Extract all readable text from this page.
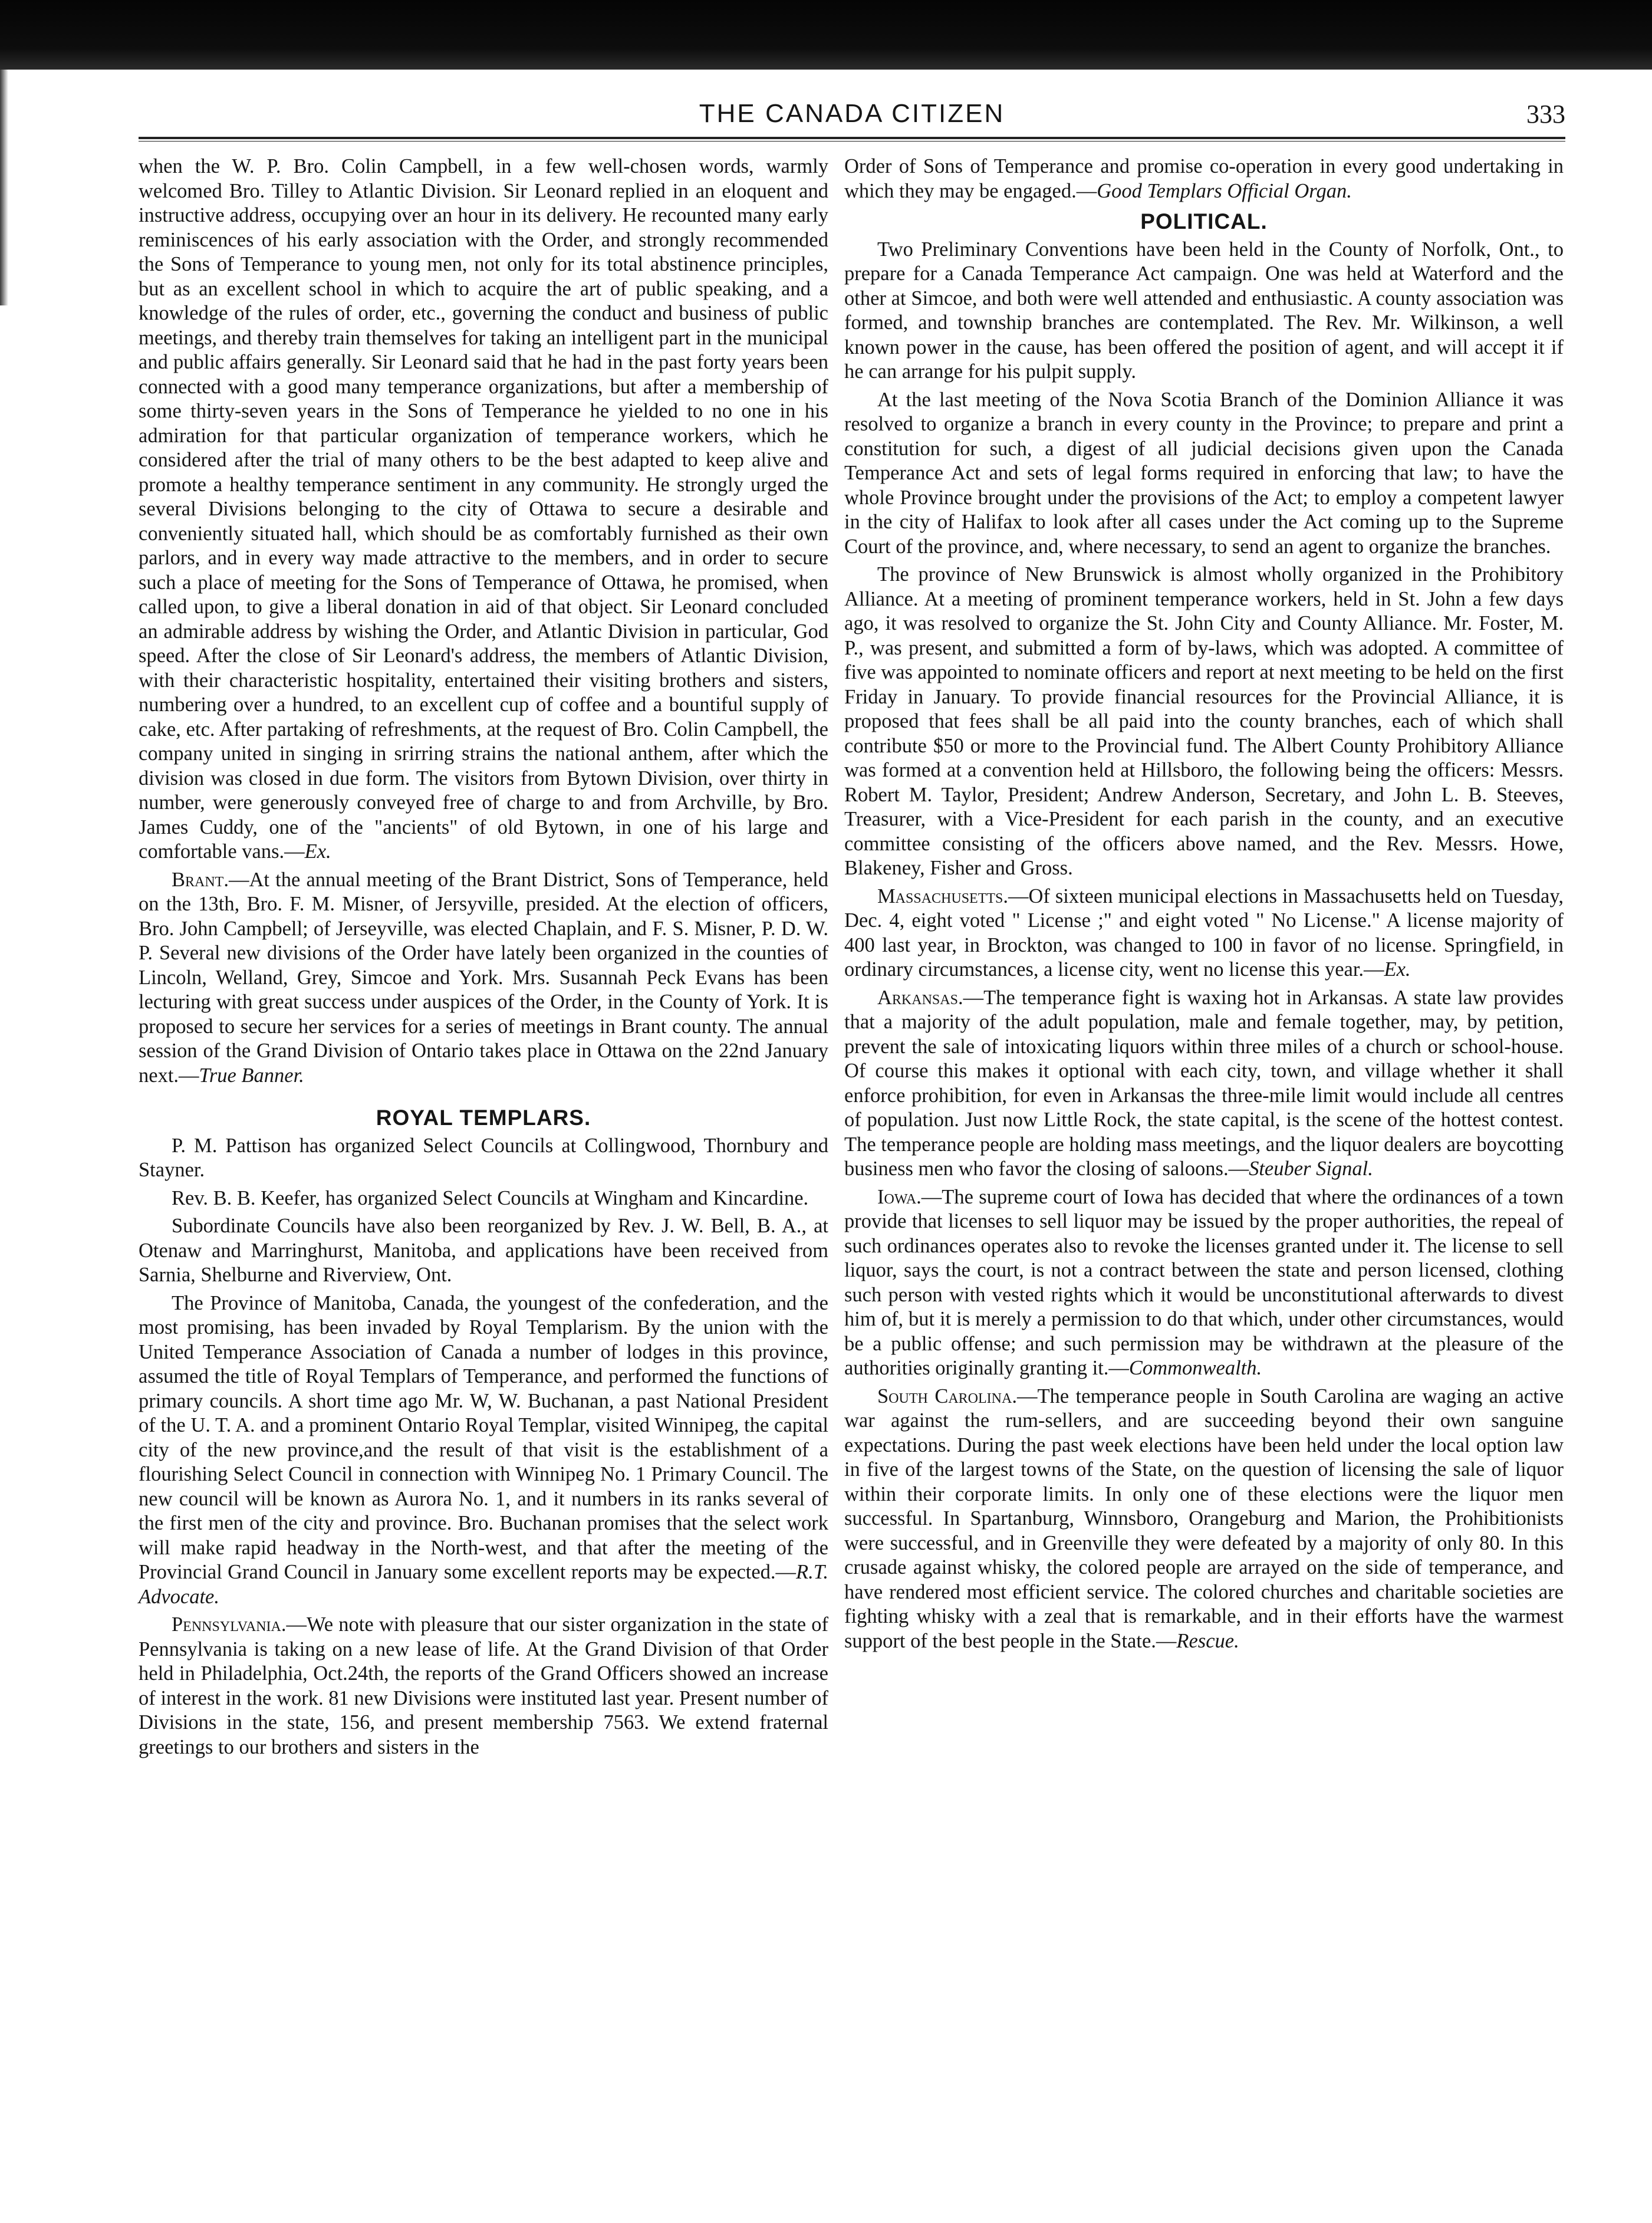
THE CANADA CITIZEN	333

when the W. P. Bro. Colin Campbell, in a few well-chosen words, warmly welcomed Bro. Tilley to Atlantic Division. Sir Leonard replied in an eloquent and instructive address, occupying over an hour in its delivery. He recounted many early reminiscences of his early association with the Order, and strongly recommended the Sons of Temperance to young men, not only for its total abstinence principles, but as an excellent school in which to acquire the art of public speaking, and a knowledge of the rules of order, etc., governing the conduct and business of public meetings, and thereby train themselves for taking an intelligent part in the municipal and public affairs generally. Sir Leonard said that he had in the past forty years been connected with a good many temperance organizations, but after a membership of some thirty-seven years in the Sons of Temperance he yielded to no one in his admiration for that particular organization of temperance workers, which he considered after the trial of many others to be the best adapted to keep alive and promote a healthy temperance sentiment in any community. He strongly urged the several Divisions belonging to the city of Ottawa to secure a desirable and conveniently situated hall, which should be as comfortably furnished as their own parlors, and in every way made attractive to the members, and in order to secure such a place of meeting for the Sons of Temperance of Ottawa, he promised, when called upon, to give a liberal donation in aid of that object. Sir Leonard concluded an admirable address by wishing the Order, and Atlantic Division in particular, God speed. After the close of Sir Leonard's address, the members of Atlantic Division, with their characteristic hospitality, entertained their visiting brothers and sisters, numbering over a hundred, to an excellent cup of coffee and a bountiful supply of cake, etc. After partaking of refreshments, at the request of Bro. Colin Campbell, the company united in singing in srirring strains the national anthem, after which the division was closed in due form. The visitors from Bytown Division, over thirty in number, were generously conveyed free of charge to and from Archville, by Bro. James Cuddy, one of the "ancients" of old Bytown, in one of his large and comfortable vans.—Ex.

Brant.—At the annual meeting of the Brant District, Sons of Temperance, held on the 13th, Bro. F. M. Misner, of Jersyville, presided. At the election of officers, Bro. John Campbell; of Jerseyville, was elected Chaplain, and F. S. Misner, P. D. W. P. Several new divisions of the Order have lately been organized in the counties of Lincoln, Welland, Grey, Simcoe and York. Mrs. Susannah Peck Evans has been lecturing with great success under auspices of the Order, in the County of York. It is proposed to secure her services for a series of meetings in Brant county. The annual session of the Grand Division of Ontario takes place in Ottawa on the 22nd January next.—True Banner.

ROYAL TEMPLARS.

P. M. Pattison has organized Select Councils at Collingwood, Thornbury and Stayner.

Rev. B. B. Keefer, has organized Select Councils at Wingham and Kincardine.

Subordinate Councils have also been reorganized by Rev. J. W. Bell, B. A., at Otenaw and Marringhurst, Manitoba, and applications have been received from Sarnia, Shelburne and Riverview, Ont.

The Province of Manitoba, Canada, the youngest of the confederation, and the most promising, has been invaded by Royal Templarism. By the union with the United Temperance Association of Canada a number of lodges in this province, assumed the title of Royal Templars of Temperance, and performed the functions of primary councils. A short time ago Mr. W, W. Buchanan, a past National President of the U. T. A. and a prominent Ontario Royal Templar, visited Winnipeg, the capital city of the new province,and the result of that visit is the establishment of a flourishing Select Council in connection with Winnipeg No. 1 Primary Council. The new council will be known as Aurora No. 1, and it numbers in its ranks several of the first men of the city and province. Bro. Buchanan promises that the select work will make rapid headway in the North-west, and that after the meeting of the Provincial Grand Council in January some excellent reports may be expected.—R.T. Advocate.

Pennsylvania.—We note with pleasure that our sister organization in the state of Pennsylvania is taking on a new lease of life. At the Grand Division of that Order held in Philadelphia, Oct.24th, the reports of the Grand Officers showed an increase of interest in the work. 81 new Divisions were instituted last year. Present number of Divisions in the state, 156, and present membership 7563. We extend fraternal greetings to our brothers and sisters in the

Order of Sons of Temperance and promise co-operation in every good undertaking in which they may be engaged.—Good Templars Official Organ.

POLITICAL.

Two Preliminary Conventions have been held in the County of Norfolk, Ont., to prepare for a Canada Temperance Act campaign. One was held at Waterford and the other at Simcoe, and both were well attended and enthusiastic. A county association was formed, and township branches are contemplated. The Rev. Mr. Wilkinson, a well known power in the cause, has been offered the position of agent, and will accept it if he can arrange for his pulpit supply.

At the last meeting of the Nova Scotia Branch of the Dominion Alliance it was resolved to organize a branch in every county in the Province; to prepare and print a constitution for such, a digest of all judicial decisions given upon the Canada Temperance Act and sets of legal forms required in enforcing that law; to have the whole Province brought under the provisions of the Act; to employ a competent lawyer in the city of Halifax to look after all cases under the Act coming up to the Supreme Court of the province, and, where necessary, to send an agent to organize the branches.

The province of New Brunswick is almost wholly organized in the Prohibitory Alliance. At a meeting of prominent temperance workers, held in St. John a few days ago, it was resolved to organize the St. John City and County Alliance. Mr. Foster, M. P., was present, and submitted a form of by-laws, which was adopted. A committee of five was appointed to nominate officers and report at next meeting to be held on the first Friday in January. To provide financial resources for the Provincial Alliance, it is proposed that fees shall be all paid into the county branches, each of which shall contribute $50 or more to the Provincial fund. The Albert County Prohibitory Alliance was formed at a convention held at Hillsboro, the following being the officers: Messrs. Robert M. Taylor, President; Andrew Anderson, Secretary, and John L. B. Steeves, Treasurer, with a Vice-President for each parish in the county, and an executive committee consisting of the officers above named, and the Rev. Messrs. Howe, Blakeney, Fisher and Gross.

Massachusetts.—Of sixteen municipal elections in Massachusetts held on Tuesday, Dec. 4, eight voted " License ;" and eight voted " No License." A license majority of 400 last year, in Brockton, was changed to 100 in favor of no license. Springfield, in ordinary circumstances, a license city, went no license this year.—Ex.

Arkansas.—The temperance fight is waxing hot in Arkansas. A state law provides that a majority of the adult population, male and female together, may, by petition, prevent the sale of intoxicating liquors within three miles of a church or school-house. Of course this makes it optional with each city, town, and village whether it shall enforce prohibition, for even in Arkansas the three-mile limit would include all centres of population. Just now Little Rock, the state capital, is the scene of the hottest contest. The temperance people are holding mass meetings, and the liquor dealers are boycotting business men who favor the closing of saloons.—Steuber Signal.

Iowa.—The supreme court of Iowa has decided that where the ordinances of a town provide that licenses to sell liquor may be issued by the proper authorities, the repeal of such ordinances operates also to revoke the licenses granted under it. The license to sell liquor, says the court, is not a contract between the state and person licensed, clothing such person with vested rights which it would be unconstitutional afterwards to divest him of, but it is merely a permission to do that which, under other circumstances, would be a public offense; and such permission may be withdrawn at the pleasure of the authorities originally granting it.—Commonwealth.

South Carolina.—The temperance people in South Carolina are waging an active war against the rum-sellers, and are succeeding beyond their own sanguine expectations. During the past week elections have been held under the local option law in five of the largest towns of the State, on the question of licensing the sale of liquor within their corporate limits. In only one of these elections were the liquor men successful. In Spartanburg, Winnsboro, Orangeburg and Marion, the Prohibitionists were successful, and in Greenville they were defeated by a majority of only 80. In this crusade against whisky, the colored people are arrayed on the side of temperance, and have rendered most efficient service. The colored churches and charitable societies are fighting whisky with a zeal that is remarkable, and in their efforts have the warmest support of the best people in the State.—Rescue.
